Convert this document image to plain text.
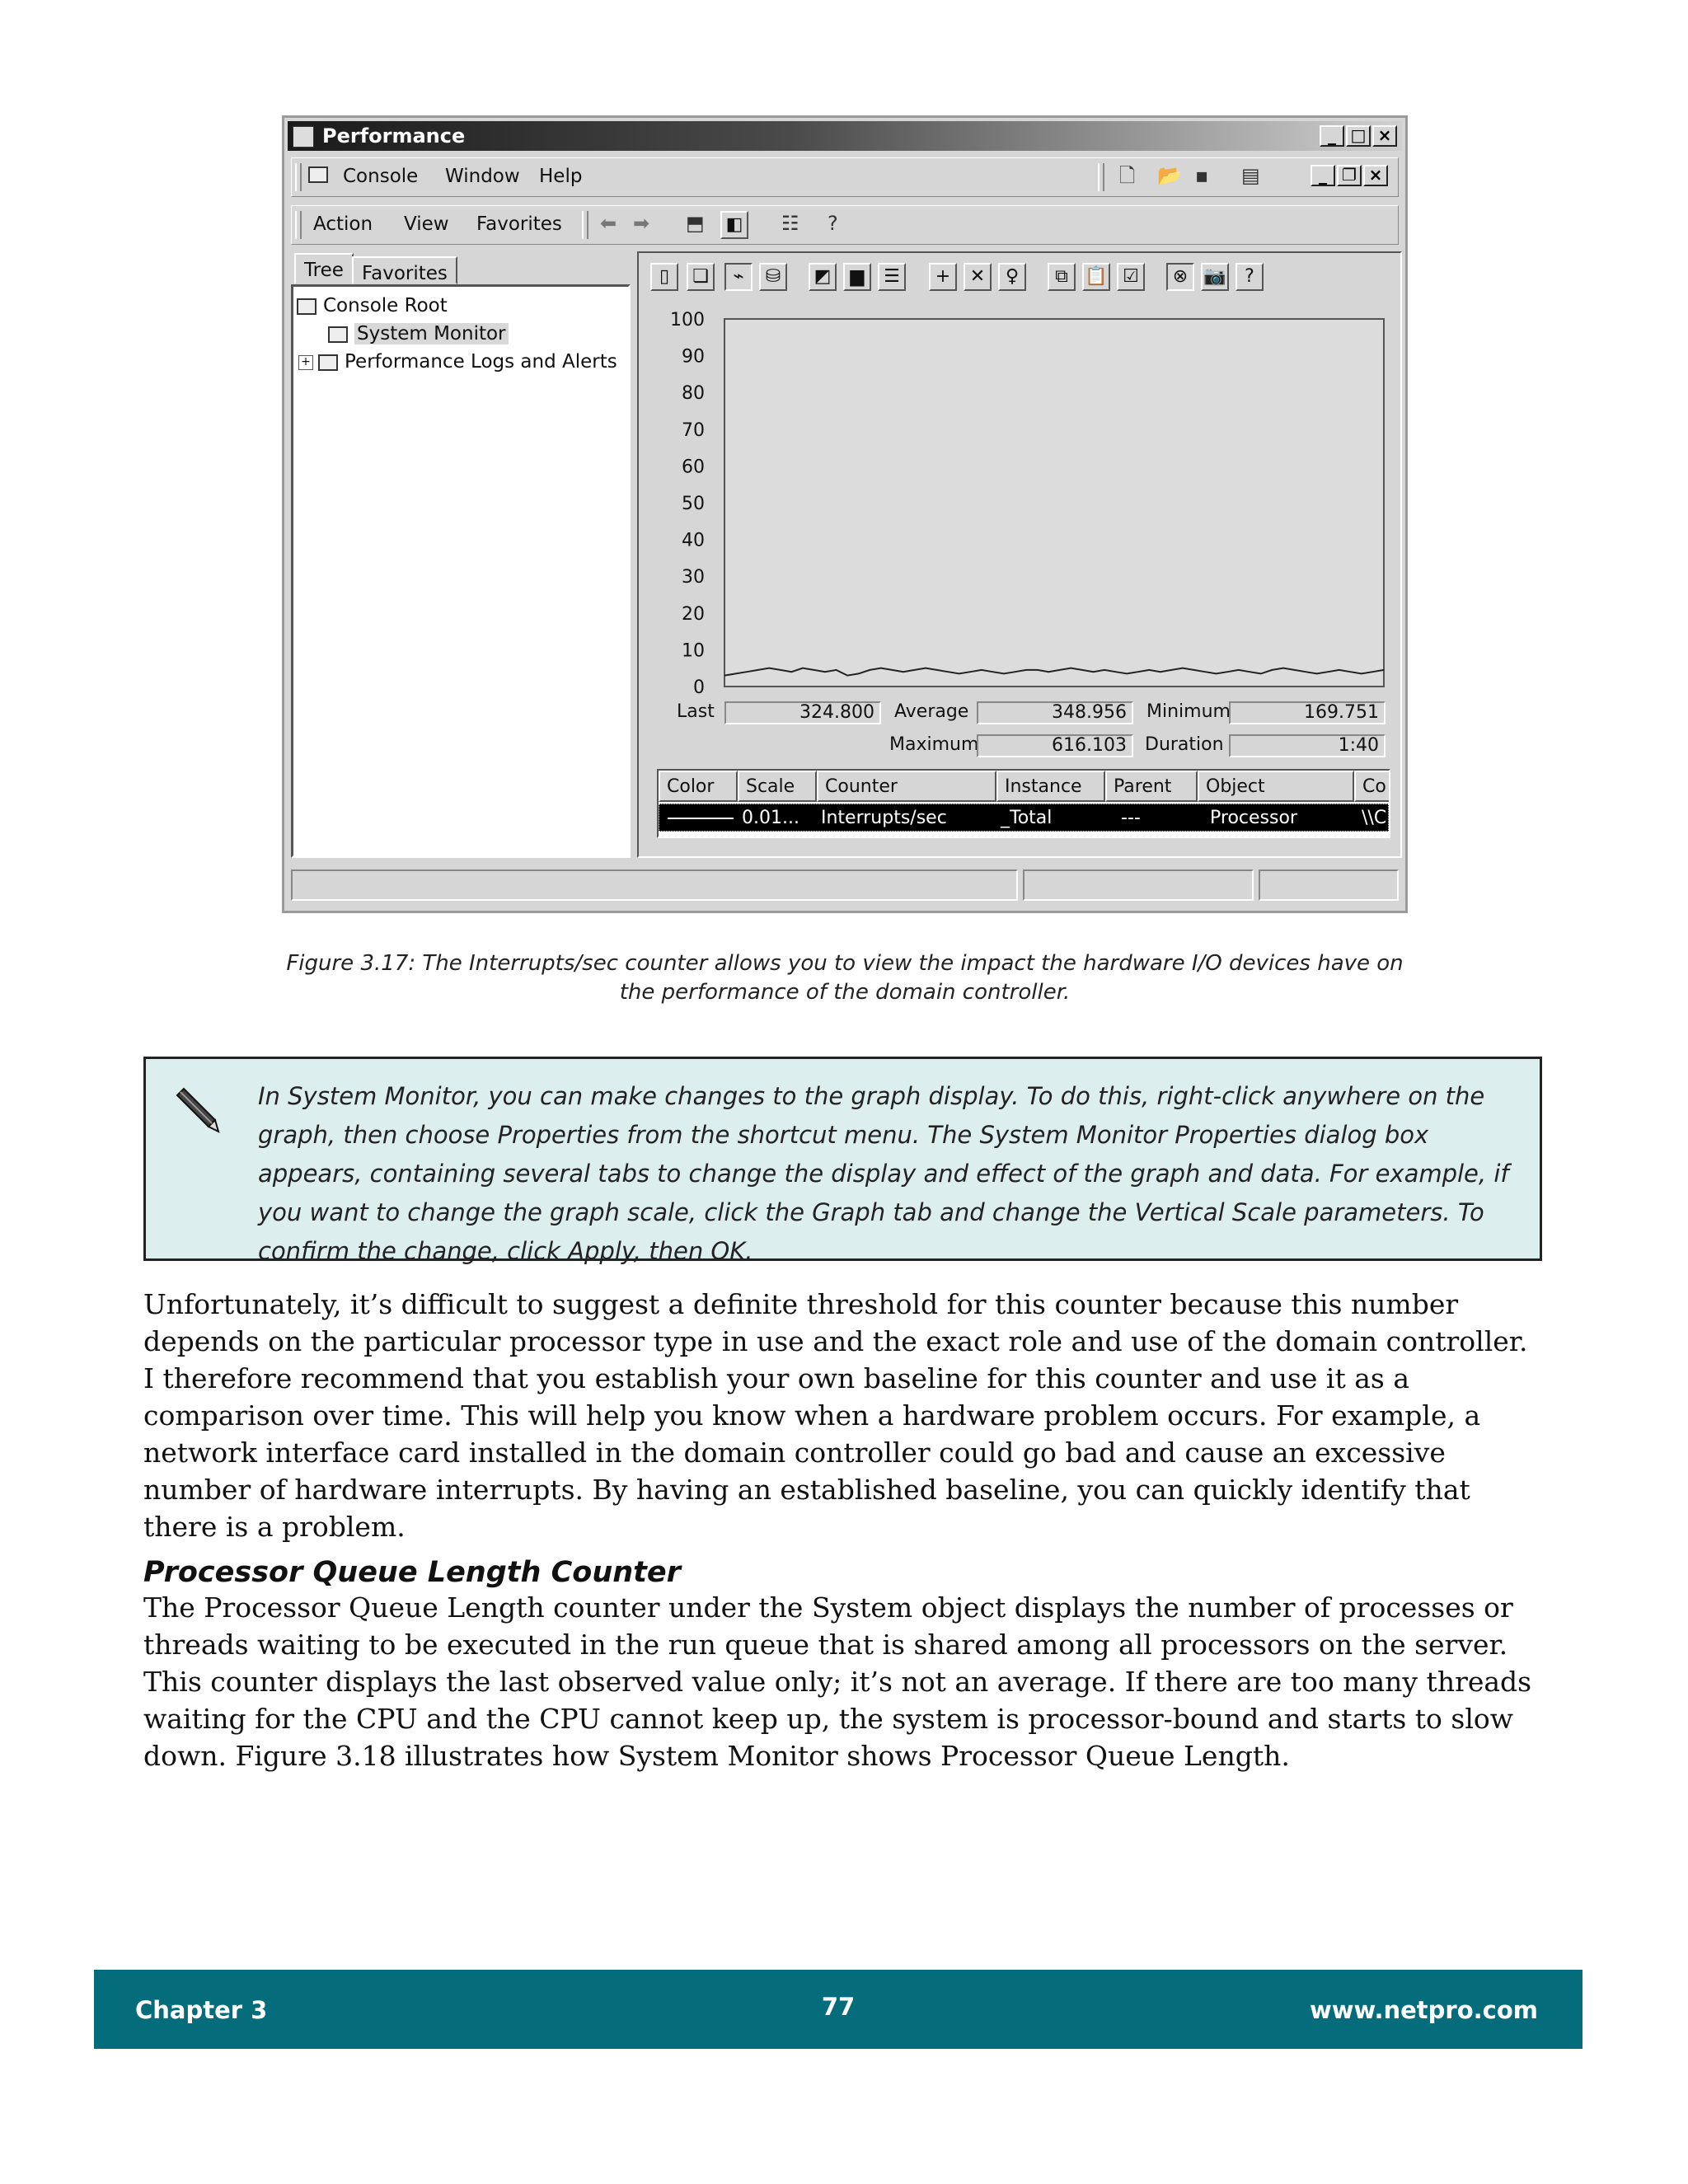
Performance	_ □ ×
Console Window Help	🗋 📂 ▪ ▤	_ ❐ ×
Action View Favorites ⬅ ➡ ⬒ ◧ ☷ ?
Tree Favorites
Console Root
System Monitor
+ Performance Logs and Alerts
▯	❏	⌁	⛁	◩	▆	☰	+	✕	♀	⧉ 📋 ☑	⊗ 📷	?
100
90
80
70
60
50
40
30
20
10
0
Last	324.800	Average	348.956	Minimum	169.751
Maximum	616.103	Duration	1:40
Color	Scale	Counter	Instance	Parent	Object	Co
0.01... Interrupts/sec	_Total	---	Processor	\\C
Figure 3.17: The Interrupts/sec counter allows you to view the impact the hardware I/O devices have on
the performance of the domain controller.
In System Monitor, you can make changes to the graph display. To do this, right-click anywhere on the graph, then choose Properties from the shortcut menu. The System Monitor Properties dialog box appears, containing several tabs to change the display and effect of the graph and data. For example, if you want to change the graph scale, click the Graph tab and change the Vertical Scale parameters. To confirm the change, click Apply, then OK.

Unfortunately, it’s difficult to suggest a definite threshold for this counter because this number depends on the particular processor type in use and the exact role and use of the domain controller. I therefore recommend that you establish your own baseline for this counter and use it as a comparison over time. This will help you know when a hardware problem occurs. For example, a network interface card installed in the domain controller could go bad and cause an excessive number of hardware interrupts. By having an established baseline, you can quickly identify that there is a problem.

Processor Queue Length Counter

The Processor Queue Length counter under the System object displays the number of processes or threads waiting to be executed in the run queue that is shared among all processors on the server. This counter displays the last observed value only; it’s not an average. If there are too many threads waiting for the CPU and the CPU cannot keep up, the system is processor-bound and starts to slow down. Figure 3.18 illustrates how System Monitor shows Processor Queue Length.

Chapter 3	77	www.netpro.com
